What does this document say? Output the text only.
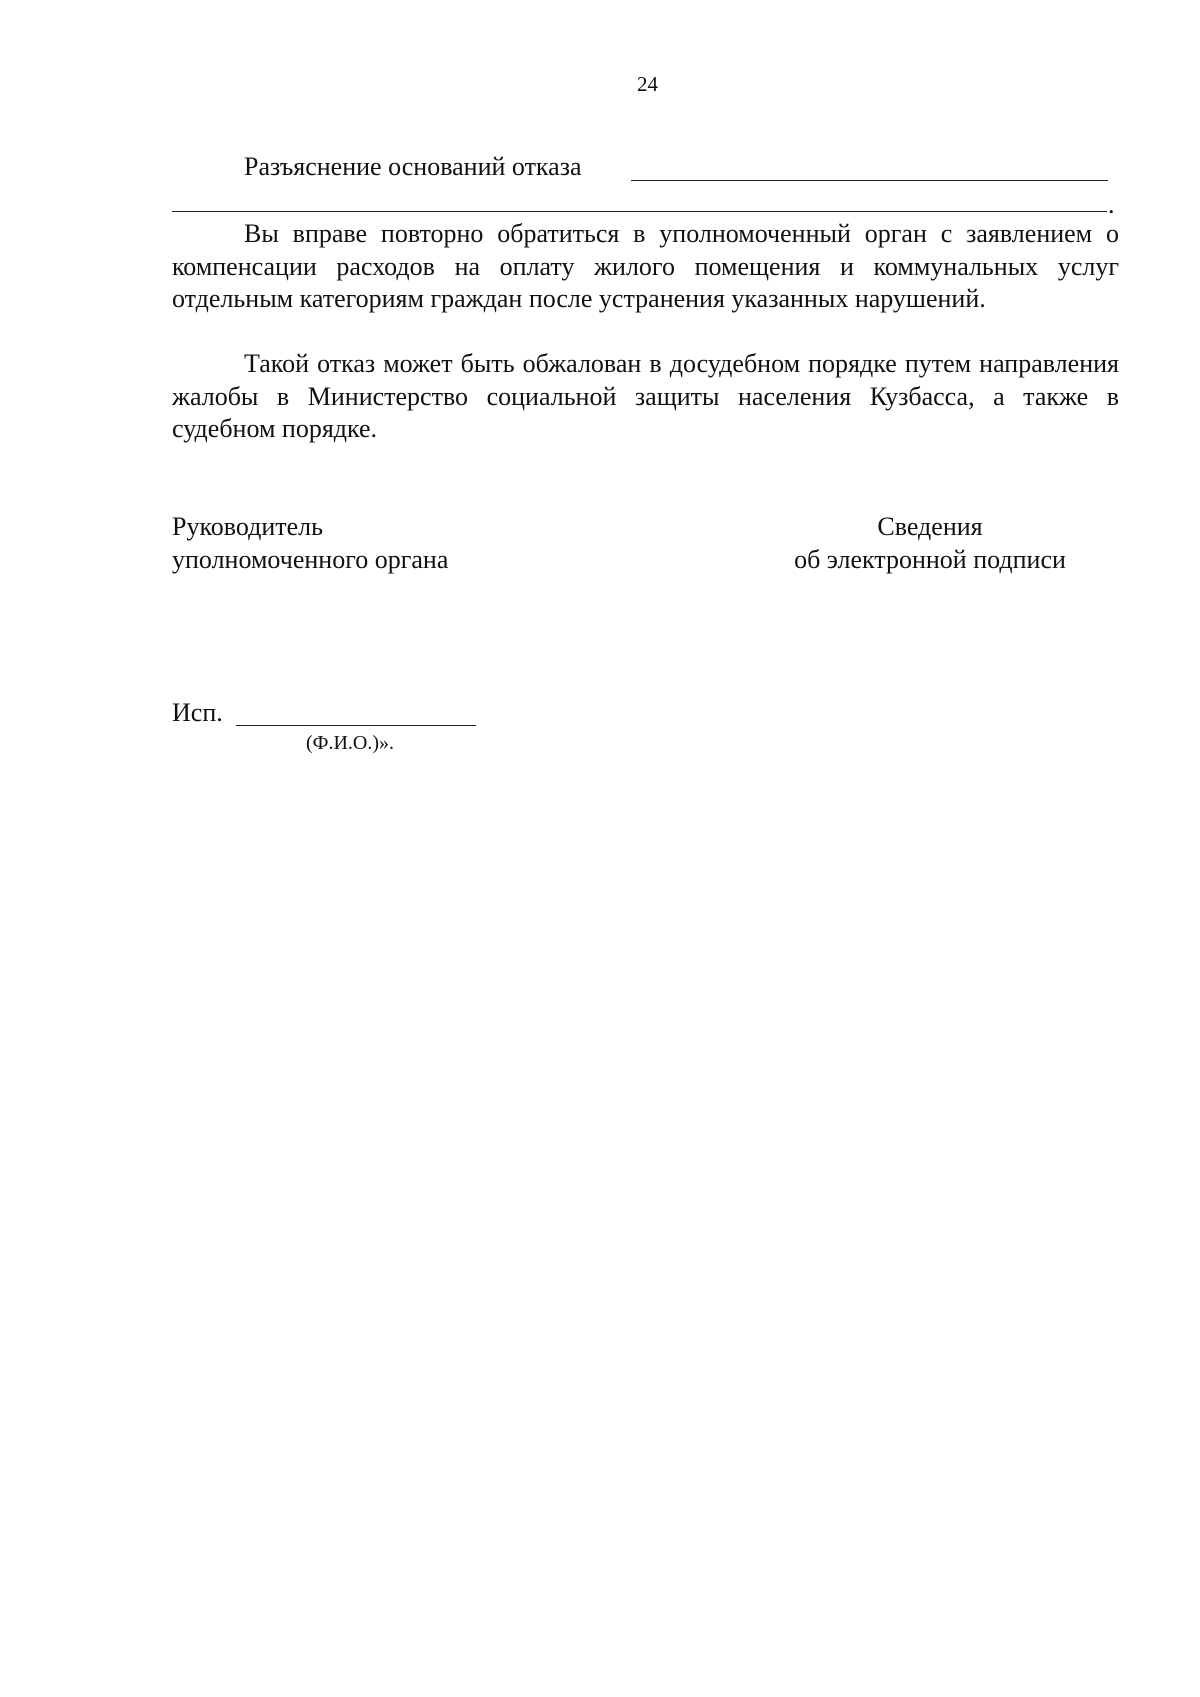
24
Разъяснение оснований отказа
.
Вы вправе повторно обратиться в уполномоченный орган с заявлением о компенсации расходов на оплату жилого помещения и коммунальных услуг отдельным категориям граждан после устранения указанных нарушений.
Такой отказ может быть обжалован в досудебном порядке путем направления жалобы в Министерство социальной защиты населения Кузбасса, а также в судебном порядке.
Руководитель
уполномоченного органа
Сведения
об электронной подписи
Исп.
(Ф.И.О.)».
